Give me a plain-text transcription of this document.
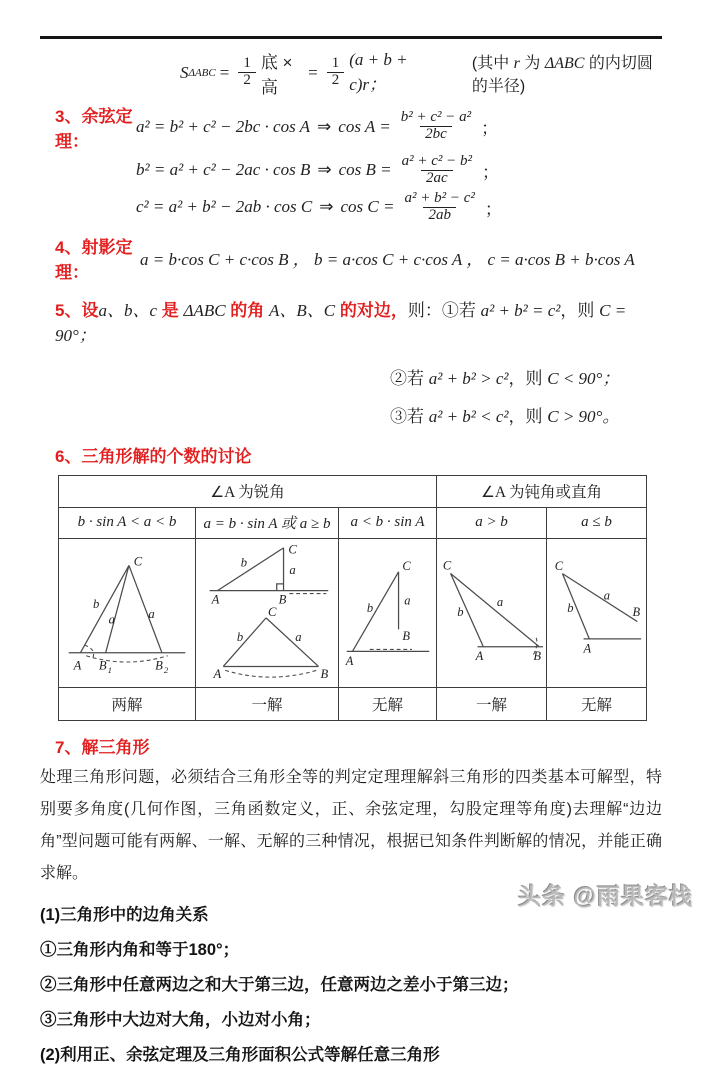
S $\Delta ABC = \frac{1}{2}$ 底 × 高
= $\frac{1}{2} (a + b + c)r$；
(其中 r 为 ΔABC 的内切圆的半径)
3、余弦定理：
a² = b² + c² − 2bc · cos A ⇒ $\cos A = \frac{\text{b² + c² − a²}}{2bc}$ ；
b² = a² + c² − 2ac · cos B ⇒ $\cos B = \frac{\text{a² + c² − b²}}{2ac}$ ；
c² = a² + b² − 2ab · cos C ⇒ $\cos C = \frac{\text{a² + b² − c²}}{2ab}$ ；
4、射影定理：
a = b·cos C + c·cos B ， b = a·cos C + c·cos A ， c = a·cos B + b·cos A
5、设a、b、c 是 ΔABC 的角 A、B、C 的对边，则：①若 a² + b² = c²，则 C = 90°；
②若 a² + b² > c²，则 C < 90°；
③若 a² + b² < c²，则 C > 90°。
6、三角形解的个数的讨论
∠A 为锐角			∠A 为钝角或直角	
b · sin A < a < b	a = b · sin A 或 a ≥ b	a < b · sin A	a > b	a ≤ b

C
b
a	a
A B 1	B 2

C
b
a
A	B
C
b	a
A	B

C
b
a
B
A

C
b
a
A	B

C
b
a
A
B

两解	一解	无解	一解	无解
7、解三角形
处理三角形问题，必须结合三角形全等的判定定理理解斜三角形的四类基本可解型，特别要多角度(几何作图，三角函数定义，正、余弦定理，勾股定理等角度)去理解“边边角”型问题可能有两解、一解、无解的三种情况，根据已知条件判断解的情况，并能正确求解。
(1)三角形中的边角关系
①三角形内角和等于180°；
②三角形中任意两边之和大于第三边，任意两边之差小于第三边；
③三角形中大边对大角，小边对小角；
(2)利用正、余弦定理及三角形面积公式等解任意三角形
头条 @雨果客栈
